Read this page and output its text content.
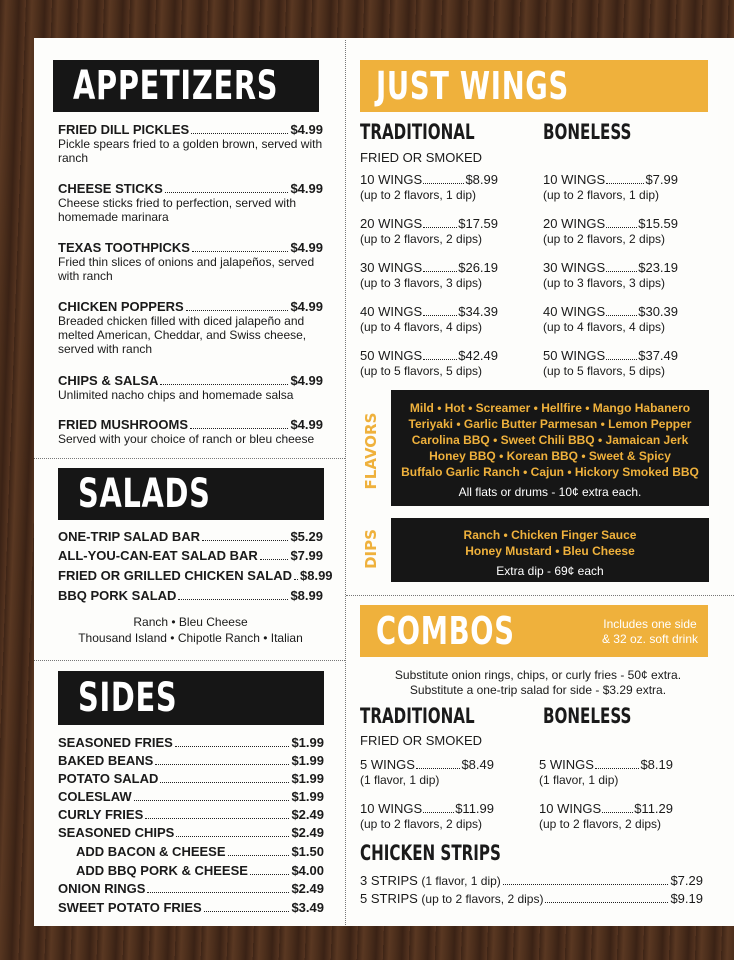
APPETIZERS
FRIED DILL PICKLES	$4.99
Pickle spears fried to a golden brown, served with ranch
CHEESE STICKS	$4.99
Cheese sticks fried to perfection, served with homemade marinara
TEXAS TOOTHPICKS	$4.99
Fried thin slices of onions and jalapeños, served with ranch
CHICKEN POPPERS	$4.99
Breaded chicken filled with diced jalapeño and melted American, Cheddar, and Swiss cheese, served with ranch
CHIPS & SALSA	$4.99
Unlimited nacho chips and homemade salsa
FRIED MUSHROOMS	$4.99
Served with your choice of ranch or bleu cheese
SALADS
ONE-TRIP SALAD BAR	$5.29
ALL-YOU-CAN-EAT SALAD BAR	$7.99
FRIED OR GRILLED CHICKEN SALAD $8.99
BBQ PORK SALAD	$8.99
Ranch • Bleu Cheese
Thousand Island • Chipotle Ranch • Italian
SIDES
SEASONED FRIES	$1.99
BAKED BEANS	$1.99
POTATO SALAD	$1.99
COLESLAW	$1.99
CURLY FRIES	$2.49
SEASONED CHIPS	$2.49
ADD BACON & CHEESE	$1.50
ADD BBQ PORK & CHEESE	$4.00
ONION RINGS	$2.49
SWEET POTATO FRIES	$3.49
JUST WINGS
TRADITIONAL	BONELESS
FRIED OR SMOKED
10 WINGS	$8.99
(up to 2 flavors, 1 dip)
20 WINGS	$17.59
(up to 2 flavors, 2 dips)
30 WINGS	$26.19
(up to 3 flavors, 3 dips)
40 WINGS	$34.39
(up to 4 flavors, 4 dips)
50 WINGS	$42.49
(up to 5 flavors, 5 dips)
10 WINGS	$7.99
(up to 2 flavors, 1 dip)
20 WINGS	$15.59
(up to 2 flavors, 2 dips)
30 WINGS	$23.19
(up to 3 flavors, 3 dips)
40 WINGS	$30.39
(up to 4 flavors, 4 dips)
50 WINGS	$37.49
(up to 5 flavors, 5 dips)
FLAVORS
Mild • Hot • Screamer • Hellfire • Mango Habanero
Teriyaki • Garlic Butter Parmesan • Lemon Pepper
Carolina BBQ • Sweet Chili BBQ • Jamaican Jerk
Honey BBQ • Korean BBQ • Sweet & Spicy
Buffalo Garlic Ranch • Cajun • Hickory Smoked BBQ
All flats or drums - 10¢ extra each.
DIPS	Ranch • Chicken Finger Sauce
Honey Mustard • Bleu Cheese
Extra dip - 69¢ each
COMBOS	Includes one side
& 32 oz. soft drink
Substitute onion rings, chips, or curly fries - 50¢ extra.
Substitute a one-trip salad for side - $3.29 extra.
TRADITIONAL	BONELESS
FRIED OR SMOKED
5 WINGS	$8.49
(1 flavor, 1 dip)
10 WINGS	$11.99
(up to 2 flavors, 2 dips)
5 WINGS	$8.19
(1 flavor, 1 dip)
10 WINGS	$11.29
(up to 2 flavors, 2 dips)
CHICKEN STRIPS
3 STRIPS (1 flavor, 1 dip)	$7.29
5 STRIPS (up to 2 flavors, 2 dips)	$9.19
